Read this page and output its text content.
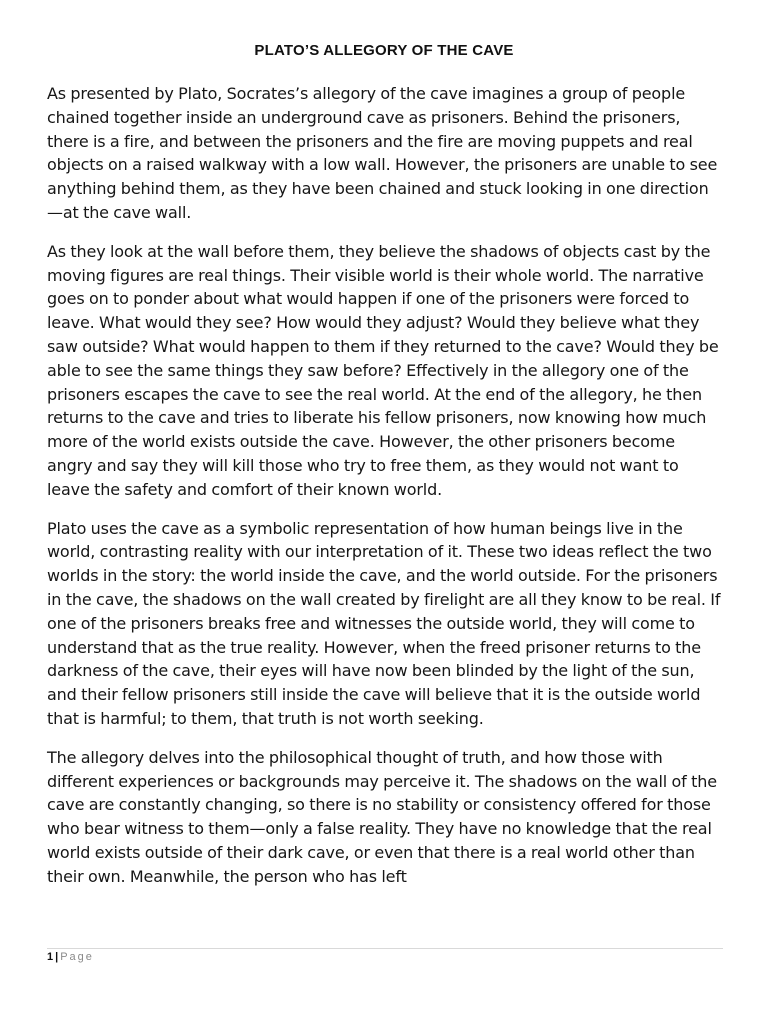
PLATO’S ALLEGORY OF THE CAVE

As presented by Plato, Socrates’s allegory of the cave imagines a group of people chained together inside an underground cave as prisoners. Behind the prisoners, there is a fire, and between the prisoners and the fire are moving puppets and real objects on a raised walkway with a low wall. However, the prisoners are unable to see anything behind them, as they have been chained and stuck looking in one direction—at the cave wall.

As they look at the wall before them, they believe the shadows of objects cast by the moving figures are real things. Their visible world is their whole world. The narrative goes on to ponder about what would happen if one of the prisoners were forced to leave. What would they see? How would they adjust? Would they believe what they saw outside? What would happen to them if they returned to the cave? Would they be able to see the same things they saw before? Effectively in the allegory one of the prisoners escapes the cave to see the real world. At the end of the allegory, he then returns to the cave and tries to liberate his fellow prisoners, now knowing how much more of the world exists outside the cave. However, the other prisoners become angry and say they will kill those who try to free them, as they would not want to leave the safety and comfort of their known world.

Plato uses the cave as a symbolic representation of how human beings live in the world, contrasting reality with our interpretation of it. These two ideas reflect the two worlds in the story: the world inside the cave, and the world outside. For the prisoners in the cave, the shadows on the wall created by firelight are all they know to be real. If one of the prisoners breaks free and witnesses the outside world, they will come to understand that as the true reality. However, when the freed prisoner returns to the darkness of the cave, their eyes will have now been blinded by the light of the sun, and their fellow prisoners still inside the cave will believe that it is the outside world that is harmful; to them, that truth is not worth seeking.

The allegory delves into the philosophical thought of truth, and how those with different experiences or backgrounds may perceive it. The shadows on the wall of the cave are constantly changing, so there is no stability or consistency offered for those who bear witness to them—only a false reality. They have no knowledge that the real world exists outside of their dark cave, or even that there is a real world other than their own. Meanwhile, the person who has left

1 | Page
